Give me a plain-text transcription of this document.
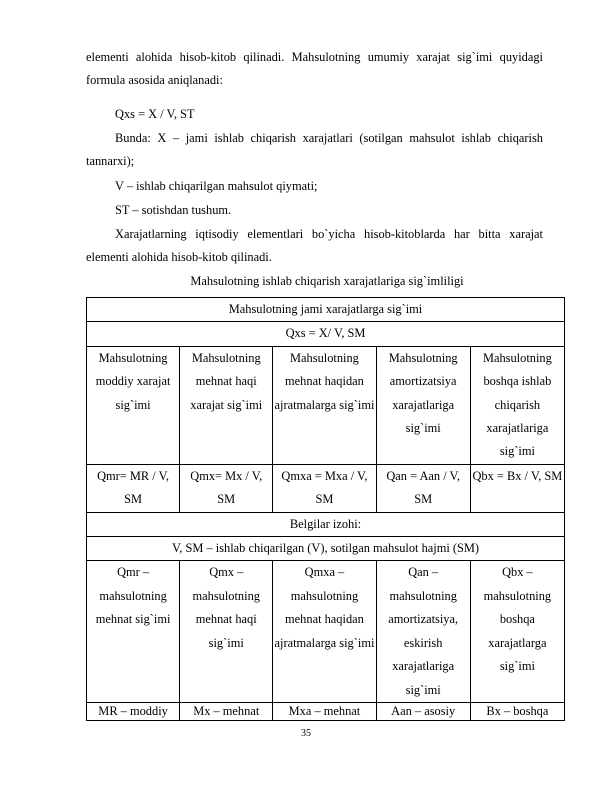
elementi alohida hisob-kitob qilinadi. Mahsulotning umumiy xarajat sig`imi quyidagi formula asosida aniqlanadi:

Qxs = X / V, ST

Bunda: X – jami ishlab chiqarish xarajatlari (sotilgan mahsulot ishlab chiqarish tannarxi);

V – ishlab chiqarilgan mahsulot qiymati;

ST – sotishdan tushum.

Xarajatlarning iqtisodiy elementlari bo`yicha hisob-kitoblarda har bitta xarajat elementi alohida hisob-kitob qilinadi.

Mahsulotning ishlab chiqarish xarajatlariga sig`imliligi

Mahsulotning jami xarajatlarga sig`imi				
Qxs = X/ V, SM				
Mahsulotning moddiy xarajat sig`imi	Mahsulotning mehnat haqi xarajat sig`imi	Mahsulotning mehnat haqidan ajratmalarga sig`imi	Mahsulotning amortizatsiya xarajatlariga sig`imi	Mahsulotning boshqa ishlab chiqarish xarajatlariga sig`imi
Qmr= MR / V, SM	Qmx= Mx / V, SM	Qmxa = Mxa / V, SM	Qan = Aan / V, SM	Qbx = Bx / V, SM
Belgilar izohi:				
V, SM – ishlab chiqarilgan (V), sotilgan mahsulot hajmi (SM)				
Qmr – mahsulotning mehnat sig`imi	Qmx – mahsulotning mehnat haqi sig`imi	Qmxa – mahsulotning mehnat haqidan ajratmalarga sig`imi	Qan – mahsulotning amortizatsiya, eskirish xarajatlariga sig`imi	Qbx – mahsulotning boshqa xarajatlarga sig`imi
MR – moddiy	Mx – mehnat	Mxa – mehnat	Aan – asosiy	Bx – boshqa
35
